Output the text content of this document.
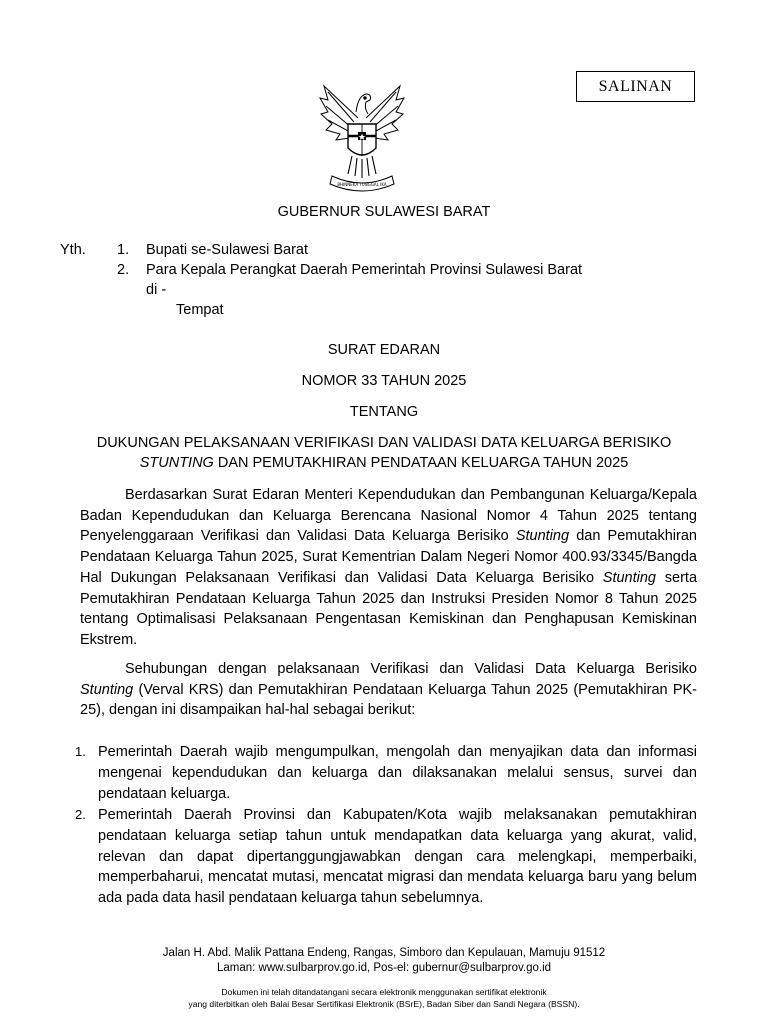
SALINAN
BHINNEKA TUNGGAL IKA
GUBERNUR SULAWESI BARAT
Yth. 1. Bupati se-Sulawesi Barat
2. Para Kepala Perangkat Daerah Pemerintah Provinsi Sulawesi Barat
di -
Tempat
SURAT EDARAN
NOMOR 33 TAHUN 2025
TENTANG
DUKUNGAN PELAKSANAAN VERIFIKASI DAN VALIDASI DATA KELUARGA BERISIKO
STUNTING DAN PEMUTAKHIRAN PENDATAAN KELUARGA TAHUN 2025

Berdasarkan Surat Edaran Menteri Kependudukan dan Pembangunan Keluarga/Kepala Badan Kependudukan dan Keluarga Berencana Nasional Nomor 4 Tahun 2025 tentang Penyelenggaraan Verifikasi dan Validasi Data Keluarga Berisiko Stunting dan Pemutakhiran Pendataan Keluarga Tahun 2025, Surat Kementrian Dalam Negeri Nomor 400.93/3345/Bangda Hal Dukungan Pelaksanaan Verifikasi dan Validasi Data Keluarga Berisiko Stunting serta Pemutakhiran Pendataan Keluarga Tahun 2025 dan Instruksi Presiden Nomor 8 Tahun 2025 tentang Optimalisasi Pelaksanaan Pengentasan Kemiskinan dan Penghapusan Kemiskinan Ekstrem.

Sehubungan dengan pelaksanaan Verifikasi dan Validasi Data Keluarga Berisiko Stunting (Verval KRS) dan Pemutakhiran Pendataan Keluarga Tahun 2025 (Pemutakhiran PK-25), dengan ini disampaikan hal-hal sebagai berikut:

1. Pemerintah Daerah wajib mengumpulkan, mengolah dan menyajikan data dan informasi mengenai kependudukan dan keluarga dan dilaksanakan melalui sensus, survei dan pendataan keluarga.
2. Pemerintah Daerah Provinsi dan Kabupaten/Kota wajib melaksanakan pemutakhiran pendataan keluarga setiap tahun untuk mendapatkan data keluarga yang akurat, valid, relevan dan dapat dipertanggungjawabkan dengan cara melengkapi, memperbaiki, memperbaharui, mencatat mutasi, mencatat migrasi dan mendata keluarga baru yang belum ada pada data hasil pendataan keluarga tahun sebelumnya.
Jalan H. Abd. Malik Pattana Endeng, Rangas, Simboro dan Kepulauan, Mamuju 91512
Laman: www.sulbarprov.go.id, Pos-el: gubernur@sulbarprov.go.id
Dokumen ini telah ditandatangani secara elektronik menggunakan sertifikat elektronik
yang diterbitkan oleh Balai Besar Sertifikasi Elektronik (BSrE), Badan Siber dan Sandi Negara (BSSN).
